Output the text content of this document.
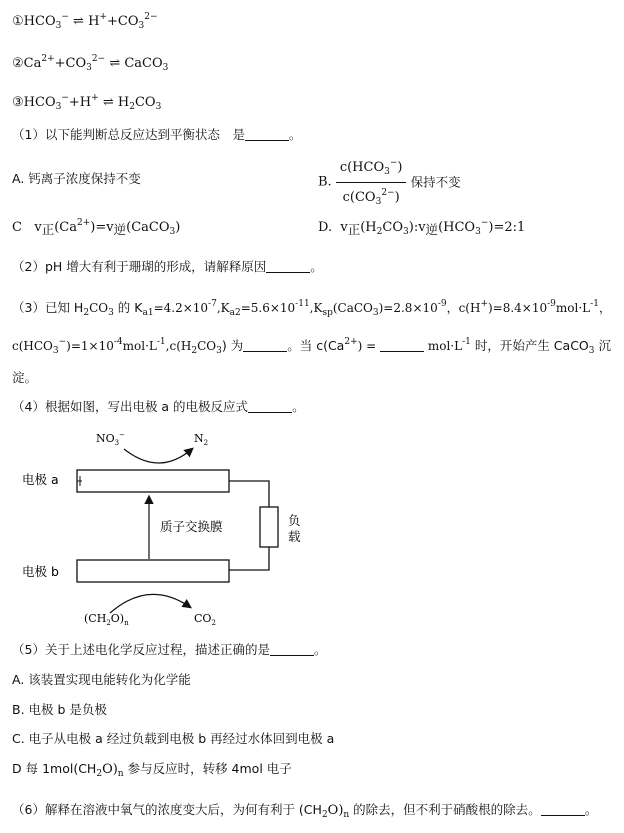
$①HCO_3^-$ ⇌ $H^++CO_3^{2-}$
$②Ca^{2+}+CO_3^{2-}$ ⇌ CaCO$_3$
$③HCO_3^-+H^+$ ⇌ $H_2CO_3$
（1）以下能判断总反应达到平衡状态　是	。
A. 钙离子浓度保持不变	B. $\frac{c(HCO_3^-)}{c(CO_3^{2-})}$ 保持不变
C v正$(Ca^{2+})=v$逆(CaCO$_3$)	D. v正$(H_2CO_3):v$逆$(HCO_3^-)=2:1$
（2）pH 增大有利于珊瑚的形成，请解释原因	。
（3）已知 $H_2CO_3$ 的 $K_{a1}=4.2\times 10^{-7},K_{a2}=5.6\times 10^{-11},K_{sp}(CaCO_3)=2.8\times 10^{-9}$，$c(H^+)=8.4\times 10^{-9}mol\cdot L^{-1}$，
$c(HCO_3^-)=1\times 10^{-4}mol\cdot L^{-1},c(H_2CO_3)$ 为	。当 $c(Ca^{2+})$ =	$mol\cdot L^{-1}$ 时，开始产生 CaCO$_3$ 沉
淀。
（4）根据如图，写出电极 a 的电极反应式	。
$NO_3^-$	$N_2$
电极 a
负
载
质子交换膜
电极 b
$(CH_2O)_n$	$CO_2$
（5）关于上述电化学反应过程，描述正确的是	。
A. 该装置实现电能转化为化学能
B. 电极 b 是负极
C. 电子从电极 a 经过负载到电极 b 再经过水体回到电极 a
D 每 $1mol(CH_2O)_n$ 参与反应时，转移 4mol 电子
（6）解释在溶液中氧气的浓度变大后，为何有利于 $(CH_2O)_n$ 的除去，但不利于硝酸根的除去。	。
